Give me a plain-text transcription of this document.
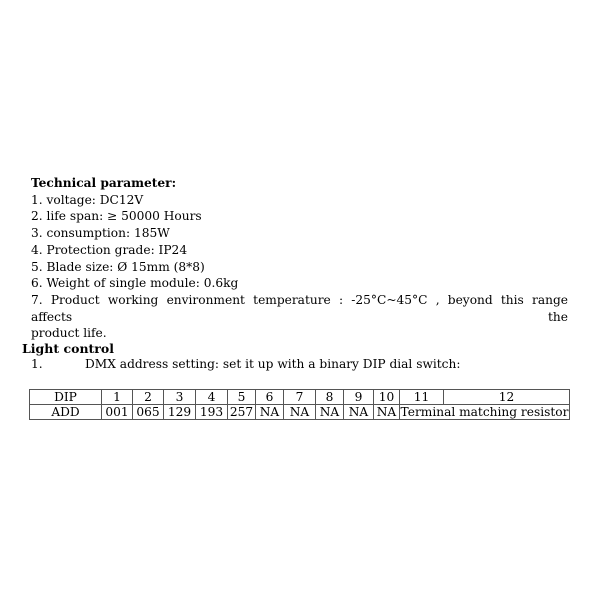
Technical parameter:
1. voltage: DC12V
2. life span: ≥ 50000 Hours
3. consumption: 185W
4. Protection grade: IP24
5. Blade size: Ø 15mm (8*8)
6. Weight of single module: 0.6kg
7. Product working environment temperature : -25°C~45°C , beyond this range affects the
product life.
Light control
1.	DMX address setting: set it up with a binary DIP dial switch:
DIP	1	2	3	4	5	6	7	8	9	10	11	12
ADD	001	065	129	193	257	NA	NA	NA	NA	NA	Terminal matching resistor	
